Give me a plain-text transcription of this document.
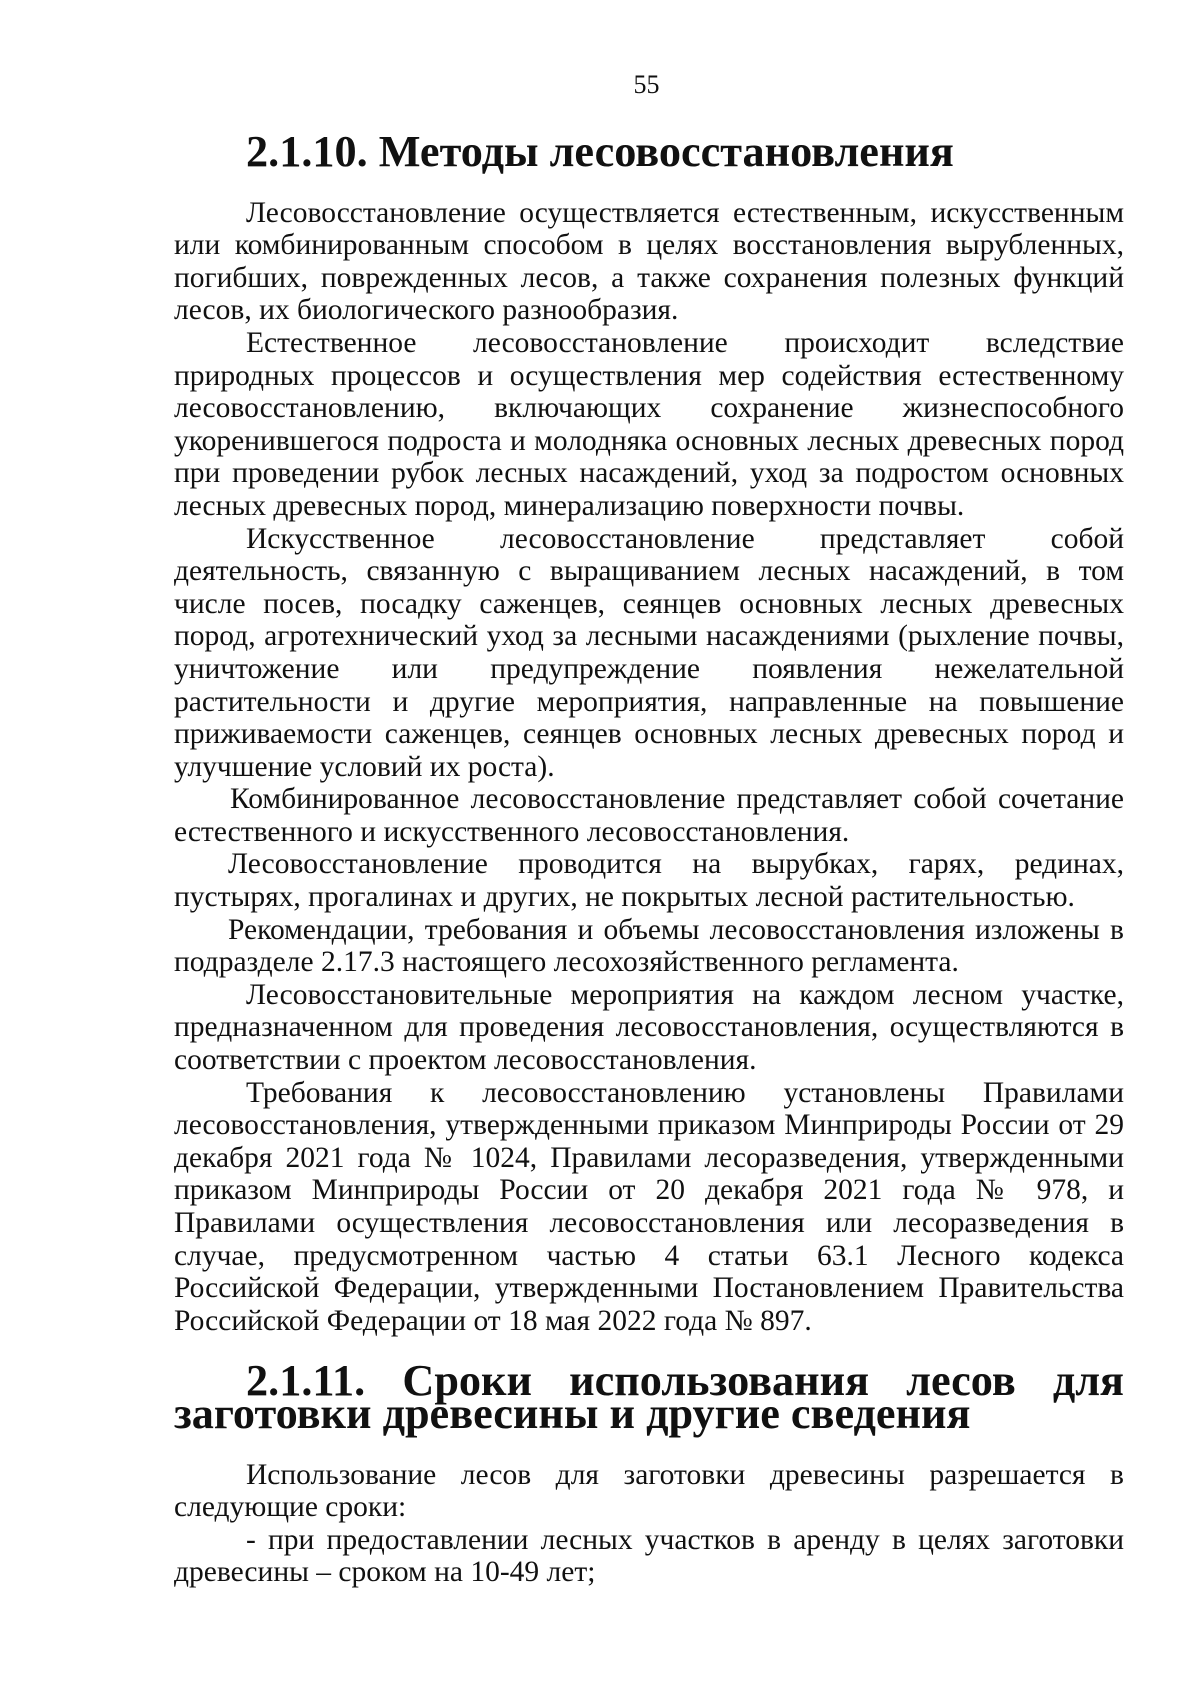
55
2.1.10. Методы лесовосстановления

Лесовосстановление осуществляется естественным, искусственным или комбинированным способом в целях восстановления вырубленных, погибших, поврежденных лесов, а также сохранения полезных функций лесов, их биологического разнообразия.

Естественное лесовосстановление происходит вследствие природных процессов и осуществления мер содействия естественному лесовосстановлению, включающих сохранение жизнеспособного укоренившегося подроста и молодняка основных лесных древесных пород при проведении рубок лесных насаждений, уход за подростом основных лесных древесных пород, минерализацию поверхности почвы.

Искусственное лесовосстановление представляет собой деятельность, связанную с выращиванием лесных насаждений, в том числе посев, посадку саженцев, сеянцев основных лесных древесных пород, агротехнический уход за лесными насаждениями (рыхление почвы, уничтожение или предупреждение появления нежелательной растительности и другие мероприятия, направленные на повышение приживаемости саженцев, сеянцев основных лесных древесных пород и улучшение условий их роста).

Комбинированное лесовосстановление представляет собой сочетание естественного и искусственного лесовосстановления.

Лесовосстановление проводится на вырубках, гарях, рединах, пустырях, прогалинах и других, не покрытых лесной растительностью.

Рекомендации, требования и объемы лесовосстановления изложены в подразделе 2.17.3 настоящего лесохозяйственного регламента.

Лесовосстановительные мероприятия на каждом лесном участке, предназначенном для проведения лесовосстановления, осуществляются в соответствии с проектом лесовосстановления.

Требования к лесовосстановлению установлены Правилами лесовосстановления, утвержденными приказом Минприроды России от 29 декабря 2021 года № 1024, Правилами лесоразведения, утвержденными приказом Минприроды России от 20 декабря 2021 года № 978, и Правилами осуществления лесовосстановления или лесоразведения в случае, предусмотренном частью 4 статьи 63.1 Лесного кодекса Российской Федерации, утвержденными Постановлением Правительства Российской Федерации от 18 мая 2022 года № 897.

2.1.11. Сроки использования лесов для заготовки древесины и другие сведения

Использование лесов для заготовки древесины разрешается в следующие сроки:

- при предоставлении лесных участков в аренду в целях заготовки древесины – сроком на 10-49 лет;
